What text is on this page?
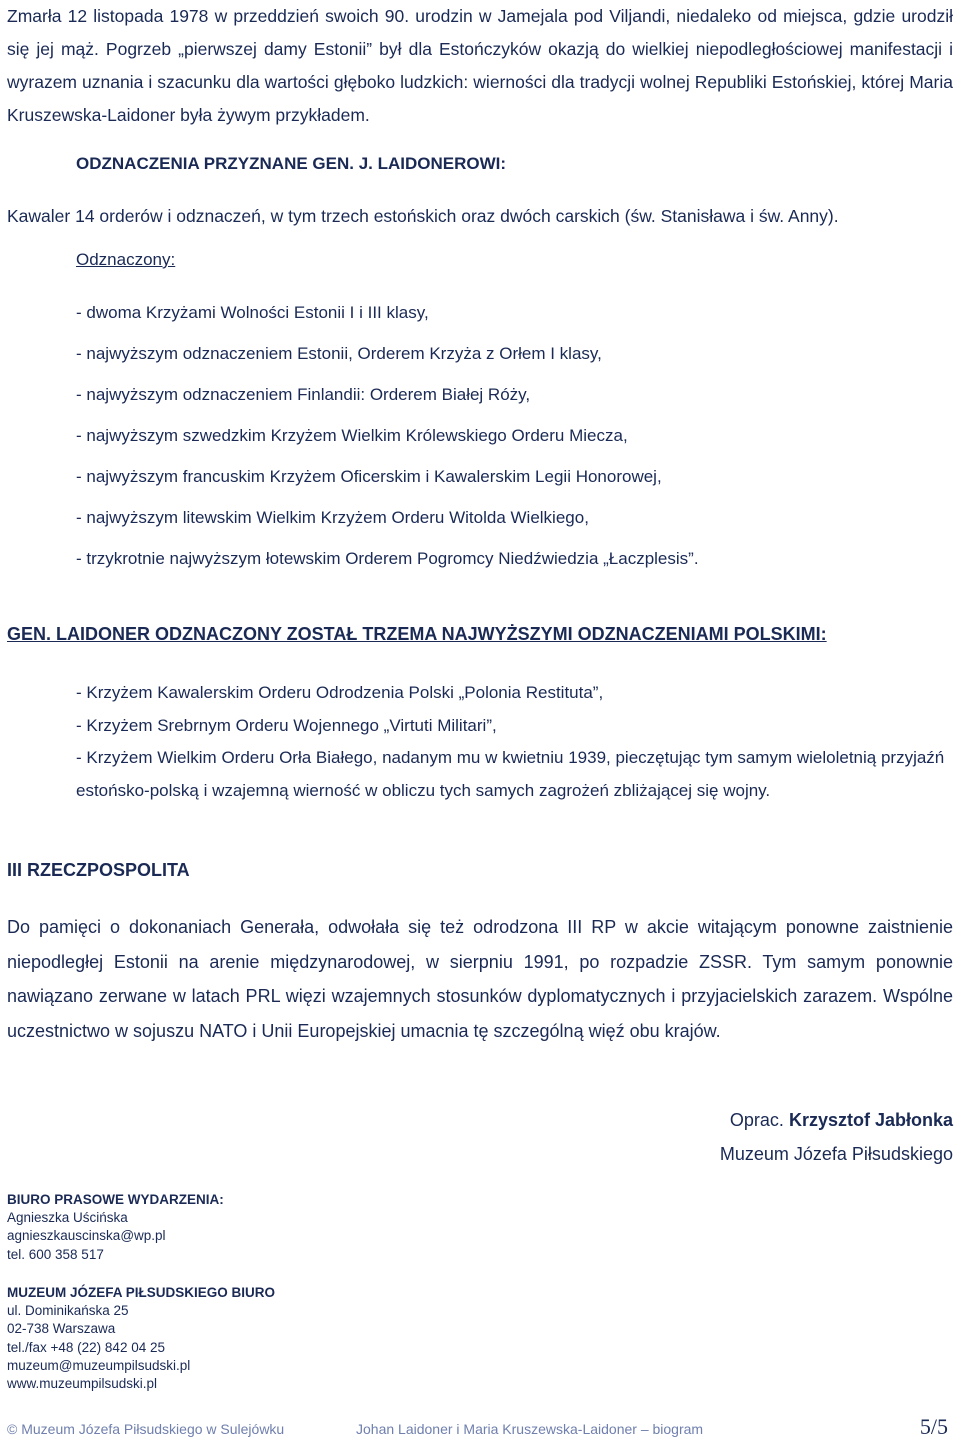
Zmarła 12 listopada 1978 w przeddzień swoich 90. urodzin w Jamejala pod Viljandi, niedaleko od miejsca, gdzie urodził się jej mąż. Pogrzeb „pierwszej damy Estonii” był dla Estończyków okazją do wielkiej niepodległościowej manifestacji i wyrazem uznania i szacunku dla wartości głęboko ludzkich: wierności dla tradycji wolnej Republiki Estońskiej, której Maria Kruszewska-Laidoner była żywym przykładem.

ODZNACZENIA PRZYZNANE GEN. J. LAIDONEROWI:

Kawaler 14 orderów i odznaczeń, w tym trzech estońskich oraz dwóch carskich (św. Stanisława i św. Anny).

Odznaczony:

- dwoma Krzyżami Wolności Estonii I i III klasy,
- najwyższym odznaczeniem Estonii, Orderem Krzyża z Orłem I klasy,
- najwyższym odznaczeniem Finlandii: Orderem Białej Róży,
- najwyższym szwedzkim Krzyżem Wielkim Królewskiego Orderu Miecza,
- najwyższym francuskim Krzyżem Oficerskim i Kawalerskim Legii Honorowej,
- najwyższym litewskim Wielkim Krzyżem Orderu Witolda Wielkiego,
- trzykrotnie najwyższym łotewskim Orderem Pogromcy Niedźwiedzia „Łaczplesis”.
GEN. LAIDONER ODZNACZONY ZOSTAŁ TRZEMA NAJWYŻSZYMI ODZNACZENIAMI POLSKIMI:
- Krzyżem Kawalerskim Orderu Odrodzenia Polski „Polonia Restituta”,
- Krzyżem Srebrnym Orderu Wojennego „Virtuti Militari”,
- Krzyżem Wielkim Orderu Orła Białego, nadanym mu w kwietniu 1939, pieczętując tym samym wieloletnią przyjaźń estońsko-polską i wzajemną wierność w obliczu tych samych zagrożeń zbliżającej się wojny.
III RZECZPOSPOLITA

Do pamięci o dokonaniach Generała, odwołała się też odrodzona III RP w akcie witającym ponowne zaistnienie niepodległej Estonii na arenie międzynarodowej, w sierpniu 1991, po rozpadzie ZSSR. Tym samym ponownie nawiązano zerwane w latach PRL więzi wzajemnych stosunków dyplomatycznych i przyjacielskich zarazem. Wspólne uczestnictwo w sojuszu NATO i Unii Europejskiej umacnia tę szczególną więź obu krajów.

Oprac. Krzysztof Jabłonka
Muzeum Józefa Piłsudskiego
BIURO PRASOWE WYDARZENIA:
Agnieszka Uścińska
agnieszkauscinska@wp.pl
tel. 600 358 517
MUZEUM JÓZEFA PIŁSUDSKIEGO BIURO
ul. Dominikańska 25
02-738 Warszawa
tel./fax +48 (22) 842 04 25
muzeum@muzeumpilsudski.pl
www.muzeumpilsudski.pl
© Muzeum Józefa Piłsudskiego w Sulejówku	Johan Laidoner i Maria Kruszewska-Laidoner – biogram	5/5
